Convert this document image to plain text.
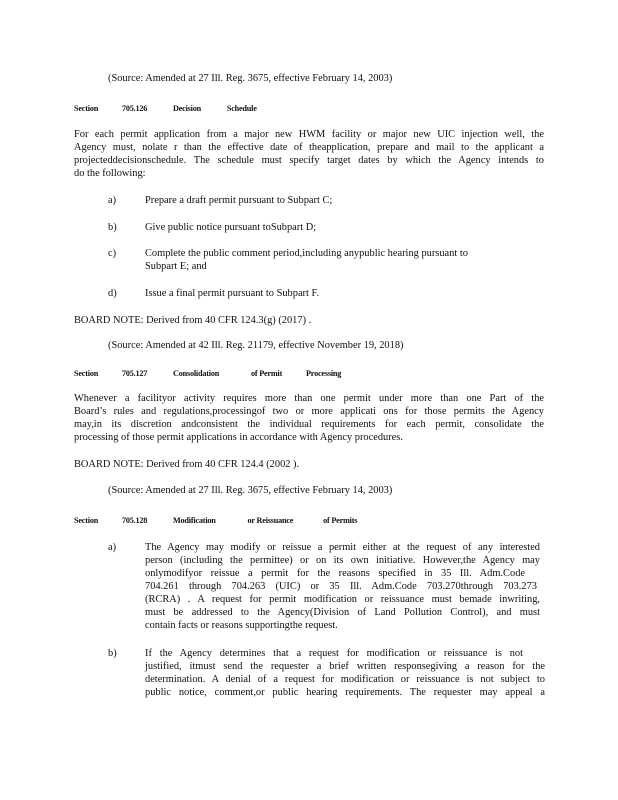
(Source: Amended at 27 Ill. Reg. 3675, effective February 14, 2003)
Section	705.126	Decision	Schedule
For each permit application from a major new HWM facility or major new UIC injection well, the
Agency must, nolate r than the effective date of theapplication, prepare and mail to the applicant a
projecteddecisionschedule. The schedule must specify target dates by which the Agency intends to
do the following:
a)	Prepare a draft permit pursuant to Subpart C;
b)	Give public notice pursuant toSubpart D;
c)	Complete the public comment period,including anypublic hearing pursuant to
Subpart E; and
d)	Issue a final permit pursuant to Subpart F.
BOARD NOTE: Derived from 40 CFR 124.3(g) (2017) .
(Source: Amended at 42 Ill. Reg. 21179, effective November 19, 2018)
Section	705.127	Consolidation	of Permit	Processing
Whenever a facilityor activity requires more than one permit under more than one Part of the
Board’s rules and regulations,processingof two or more applicati ons for those permits the Agency
may,in its discretion andconsistent the individual requirements for each permit, consolidate the
processing of those permit applications in accordance with Agency procedures.
BOARD NOTE: Derived from 40 CFR 124.4 (2002 ).
(Source: Amended at 27 Ill. Reg. 3675, effective February 14, 2003)
Section	705.128	Modification	or Reissuance	of Permits
a)	The Agency may modify or reissue a permit either at the request of any interested
person (including the permittee) or on its own initiative. However,the Agency may
onlymodifyor reissue a permit for the reasons specified in 35 Ill. Adm.Code
704.261 through 704.263 (UIC) or 35 Ill. Adm.Code 703.270through 703.273
(RCRA) . A request for permit modification or reissuance must bemade inwriting,
must be addressed to the Agency(Division of Land Pollution Control), and must
contain facts or reasons supportingthe request.
b)	If the Agency determines that a request for modification or reissuance is not
justified, itmust send the requester a brief written responsegiving a reason for the
determination. A denial of a request for modification or reissuance is not subject to
public notice, comment,or public hearing requirements. The requester may appeal a
